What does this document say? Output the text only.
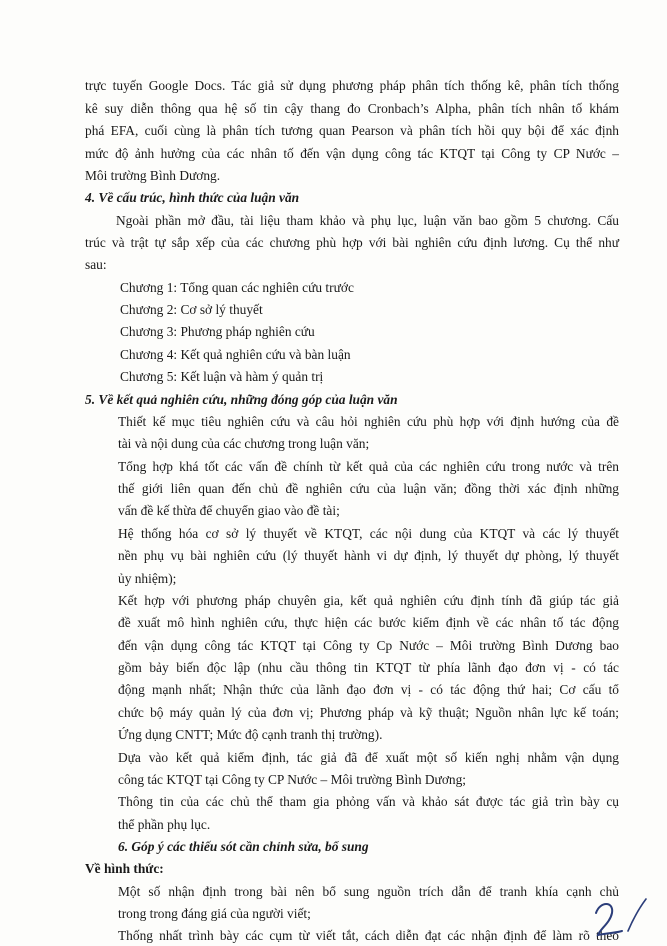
trực tuyến Google Docs. Tác giả sử dụng phương pháp phân tích thống kê, phân tích thống
kê suy diễn thông qua hệ số tin cậy thang đo Cronbach’s Alpha, phân tích nhân tố khám
phá EFA, cuối cùng là phân tích tương quan Pearson và phân tích hồi quy bội để xác định
mức độ ảnh hưởng của các nhân tố đến vận dụng công tác KTQT tại Công ty CP Nước –
Môi trường Bình Dương.
4. Về cấu trúc, hình thức của luận văn
Ngoài phần mở đầu, tài liệu tham khảo và phụ lục, luận văn bao gồm 5 chương. Cấu
trúc và trật tự sắp xếp của các chương phù hợp với bài nghiên cứu định lương. Cụ thể như
sau:
Chương 1: Tổng quan các nghiên cứu trước
Chương 2: Cơ sở lý thuyết
Chương 3: Phương pháp nghiên cứu
Chương 4: Kết quả nghiên cứu và bàn luận
Chương 5: Kết luận và hàm ý quản trị
5. Về kết quả nghiên cứu, những đóng góp của luận văn
Thiết kế mục tiêu nghiên cứu và câu hỏi nghiên cứu phù hợp với định hướng của đề
tài và nội dung của các chương trong luận văn;
Tổng hợp khá tốt các vấn đề chính từ kết quả của các nghiên cứu trong nước và trên
thế giới liên quan đến chủ đề nghiên cứu của luận văn; đồng thời xác định những
vấn đề kế thừa để chuyển giao vào đề tài;
Hệ thống hóa cơ sở lý thuyết về KTQT, các nội dung của KTQT và các lý thuyết
nền phụ vụ bài nghiên cứu (lý thuyết hành vi dự định, lý thuyết dự phòng, lý thuyết
ủy nhiệm);
Kết hợp với phương pháp chuyên gia, kết quả nghiên cứu định tính đã giúp tác giả
đề xuất mô hình nghiên cứu, thực hiện các bước kiểm định về các nhân tố tác động
đến vận dụng công tác KTQT tại Công ty Cp Nước – Môi trường Bình Dương bao
gồm bảy biến độc lập (nhu cầu thông tin KTQT từ phía lãnh đạo đơn vị - có tác
động mạnh nhất; Nhận thức của lãnh đạo đơn vị - có tác động thứ hai; Cơ cấu tổ
chức bộ máy quản lý của đơn vị; Phương pháp và kỹ thuật; Nguồn nhân lực kế toán;
Ứng dụng CNTT; Mức độ cạnh tranh thị trường).
Dựa vào kết quả kiểm định, tác giả đã để xuất một số kiến nghị nhằm vận dụng
công tác KTQT tại Công ty CP Nước – Môi trường Bình Dương;
Thông tin của các chủ thể tham gia phỏng vấn và khảo sát được tác giả trìn bày cụ
thể phần phụ lục.
6. Góp ý các thiếu sót cần chỉnh sửa, bổ sung
Về hình thức:
Một số nhận định trong bài nên bổ sung nguồn trích dẫn để tranh khía cạnh chủ
trong trong đáng giá của người viết;
Thống nhất trình bày các cụm từ viết tắt, cách diễn đạt các nhận định để làm rõ theo
